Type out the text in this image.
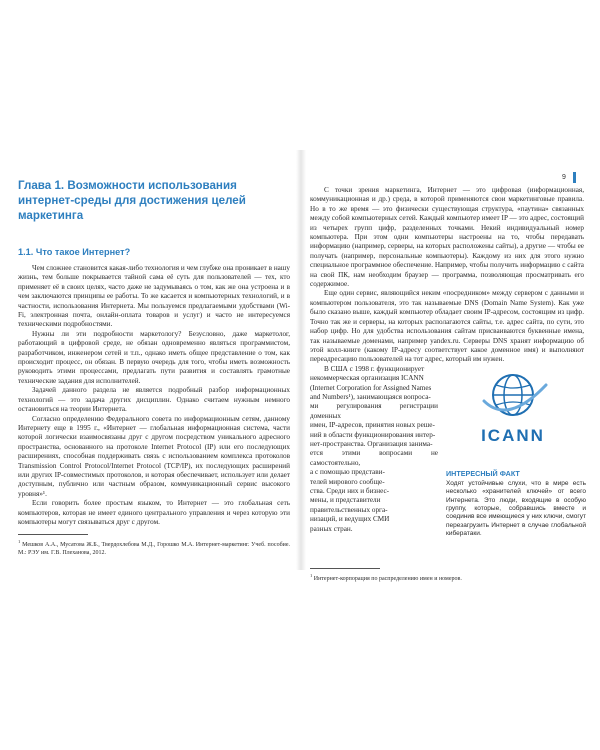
9
Глава 1. Возможности использования интернет-среды для достижения целей маркетинга
1.1. Что такое Интернет?

Чем сложнее становится какая-либо технология и чем глубже она проникает в нашу жизнь, тем больше покрывается тайной сама её суть для пользователей — тех, кто применяет её в своих целях, часто даже не задумываясь о том, как же она устроена и в чем заключаются принципы ее работы. То же касается и компьютерных технологий, и в частности, использования Интернета. Мы пользуемся предлагаемыми удобствами (Wi-Fi, электронная почта, онлайн-оплата товаров и услуг) и часто не интересуемся техническими подробностями.

Нужны ли эти подробности маркетологу? Безусловно, даже маркетолог, работающий в цифровой среде, не обязан одновременно являться программистом, разработчиком, инженером сетей и т.п., однако иметь общее представление о том, как происходит процесс, он обязан. В первую очередь для того, чтобы иметь возможность руководить этими процессами, предлагать пути развития и составлять грамотные технические задания для исполнителей.

Задачей данного раздела не является подробный разбор информационных технологий — это задача других дисциплин. Однако считаем нужным немного остановиться на теории Интернета.

Согласно определению Федерального совета по информационным сетям, данному Интернету еще в 1995 г., «Интернет — глобальная информационная система, части которой логически взаимосвязаны друг с другом посредством уникального адресного пространства, основанного на протоколе Internet Protocol (IP) или его последующих расширениях, способная поддерживать связь с использованием комплекса протоколов Transmission Control Protocol/Internet Protocol (TCP/IP), их последующих расширений или других IP-совместимых протоколов, и которая обеспечивает, использует или делает доступным, публично или частным образом, коммуникационный сервис высокого уровня»¹.

Если говорить более простым языком, то Интернет — это глобальная сеть компьютеров, которая не имеет единого центрального управления и через которую эти компьютеры могут связываться друг с другом.

$^1$ Мешков А.А., Мусатова Ж.Б., Твердохлебова М.Д., Горошко М.А. Интернет-маркетинг. Учеб. пособие. М.: РЭУ им. Г.В. Плеханова, 2012.

С точки зрения маркетинга, Интернет — это цифровая (информационная, коммуникационная и др.) среда, в которой применяются свои маркетинговые правила. Но в то же время — это физически существующая структура, «паутина» связанных между собой компьютерных сетей. Каждый компьютер имеет IP — это адрес, состоящий из четырех групп цифр, разделенных точками. Некий индивидуальный номер компьютера. При этом одни компьютеры настроены на то, чтобы передавать информацию (например, серверы, на которых расположены сайты), а другие — чтобы ее получать (например, персональные компьютеры). Каждому из них для этого нужно специальное программное обеспечение. Например, чтобы получить информацию с сайта на свой ПК, нам необходим браузер — программа, позволяющая просматривать его содержимое.

Еще один сервис, являющийся неким «посредником» между сервером с данными и компьютером пользователя, это так называемые DNS (Domain Name System). Как уже было сказано выше, каждый компьютер обладает своим IP-адресом, состоящим из цифр. Точно так же и серверы, на которых располагаются сайты, т.е. адрес сайта, по сути, это набор цифр. Но для удобства использования сайтам присваиваются буквенные имена, так называемые доменами, например yandex.ru. Серверы DNS хранят информацию об этой колл-книге (какому IP-адресу соответствует какое доменное имя) и выполняют переадресацию пользователей на тот адрес, который им нужен.

В США с 1998 г. функционирует

некоммерческая организация ICANN

(Internet Corporation for Assigned Names

and Numbers¹), занимающаяся вопроса-

ми регулирования регистрации доменных

имен, IP-адресов, принятия новых реше-

ний в области функционирования интер-

нет-пространства. Организация занима-

ется этими вопросами не самостоятельно,

а с помощью представи-

телей мирового сообще-

ства. Среди них и бизнес-

мены, и представители

правительственных орга-

низаций, и ведущих СМИ

разных стран.

ICANN
ИНТЕРЕСНЫЙ ФАКТ
Ходят устойчивые слухи, что в мире есть несколько «хранителей ключей» от всего Интернета. Это люди, входящие в особую группу, которые, собравшись вместе и соединив все имеющиеся у них ключи, смогут перезагрузить Интернет в случае глобальной кибератаки.
$^1$ Интернет-корпорация по распределению имен и номеров.
